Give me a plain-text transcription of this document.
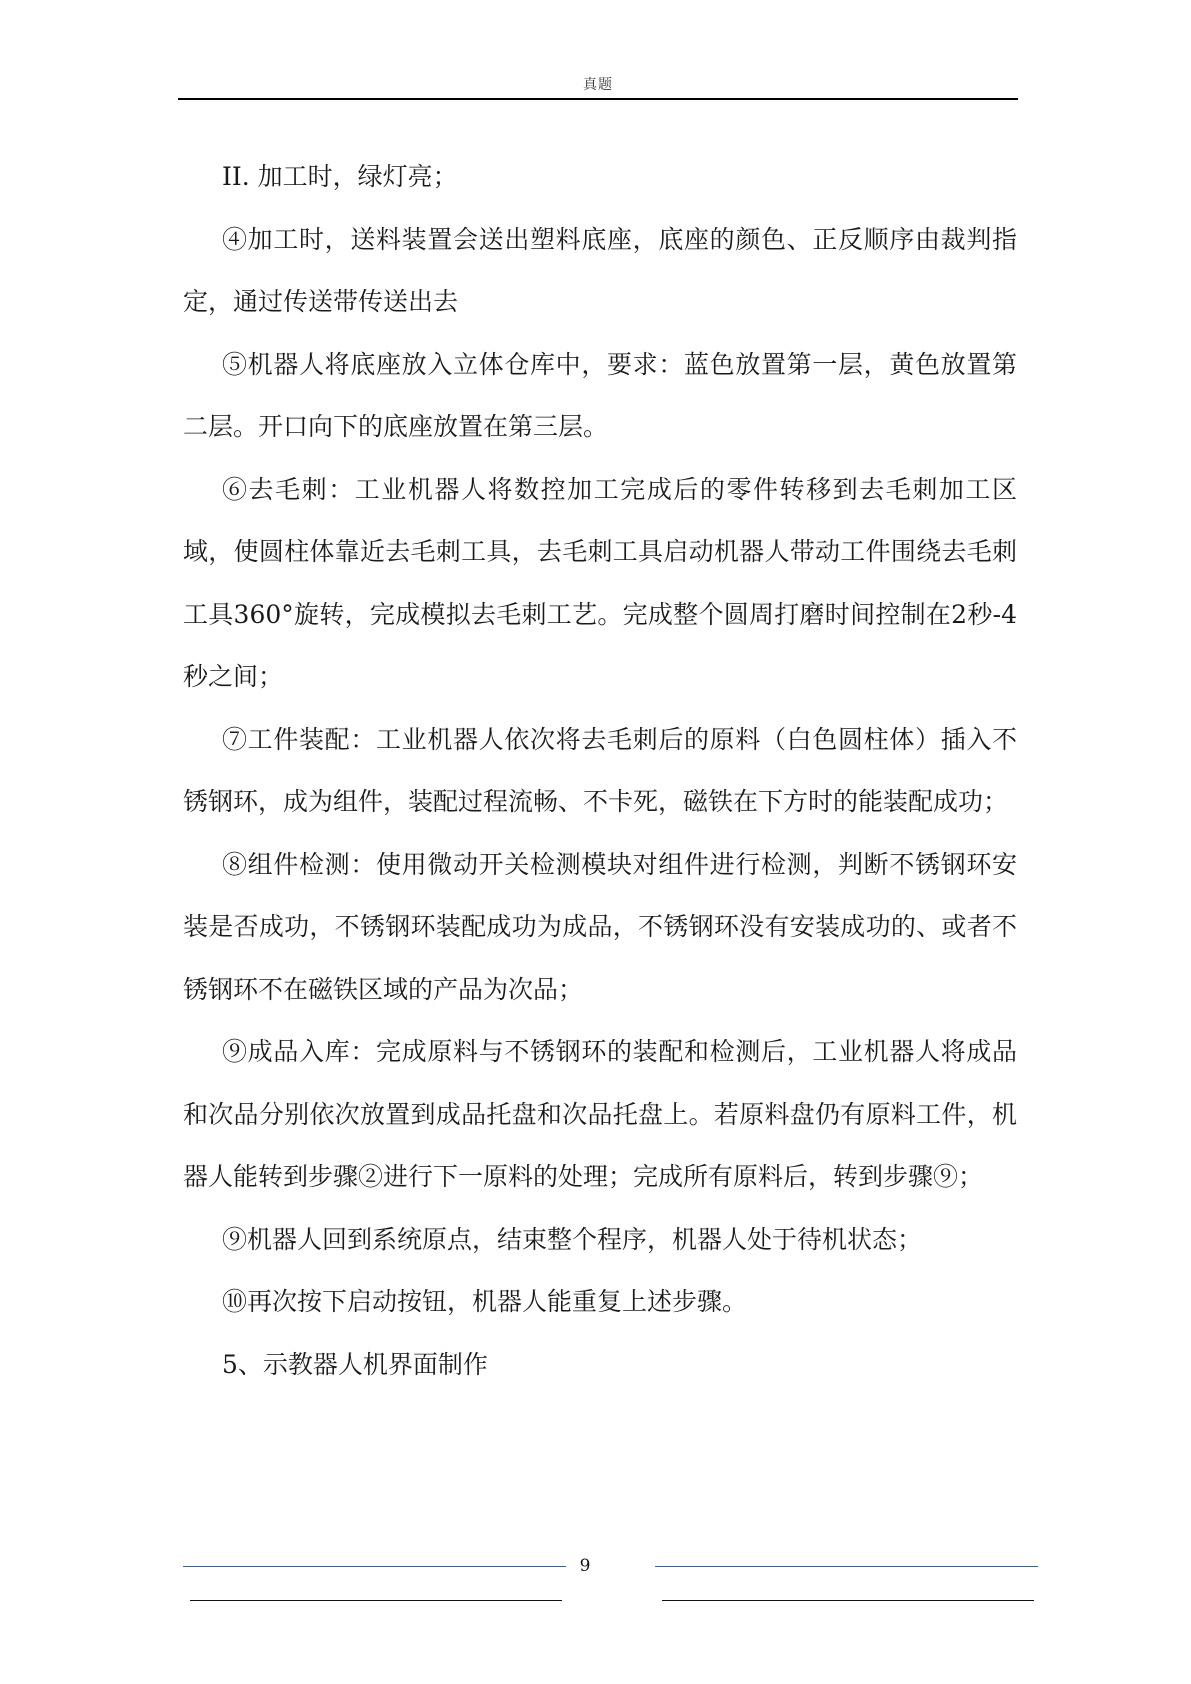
真题

II. 加工时，绿灯亮；

④加工时，送料装置会送出塑料底座，底座的颜色、正反顺序由裁判指定，通过传送带传送出去

⑤机器人将底座放入立体仓库中，要求：蓝色放置第一层，黄色放置第二层。开口向下的底座放置在第三层。

⑥去毛刺：工业机器人将数控加工完成后的零件转移到去毛刺加工区域，使圆柱体靠近去毛刺工具，去毛刺工具启动机器人带动工件围绕去毛刺工具360°旋转，完成模拟去毛刺工艺。完成整个圆周打磨时间控制在2秒-4秒之间；

⑦工件装配：工业机器人依次将去毛刺后的原料（白色圆柱体）插入不锈钢环，成为组件，装配过程流畅、不卡死，磁铁在下方时的能装配成功；

⑧组件检测：使用微动开关检测模块对组件进行检测，判断不锈钢环安装是否成功，不锈钢环装配成功为成品，不锈钢环没有安装成功的、或者不锈钢环不在磁铁区域的产品为次品；

⑨成品入库：完成原料与不锈钢环的装配和检测后，工业机器人将成品和次品分别依次放置到成品托盘和次品托盘上。若原料盘仍有原料工件，机器人能转到步骤②进行下一原料的处理；完成所有原料后，转到步骤⑨；

⑨机器人回到系统原点，结束整个程序，机器人处于待机状态；

⑩再次按下启动按钮，机器人能重复上述步骤。

5、示教器人机界面制作

9
